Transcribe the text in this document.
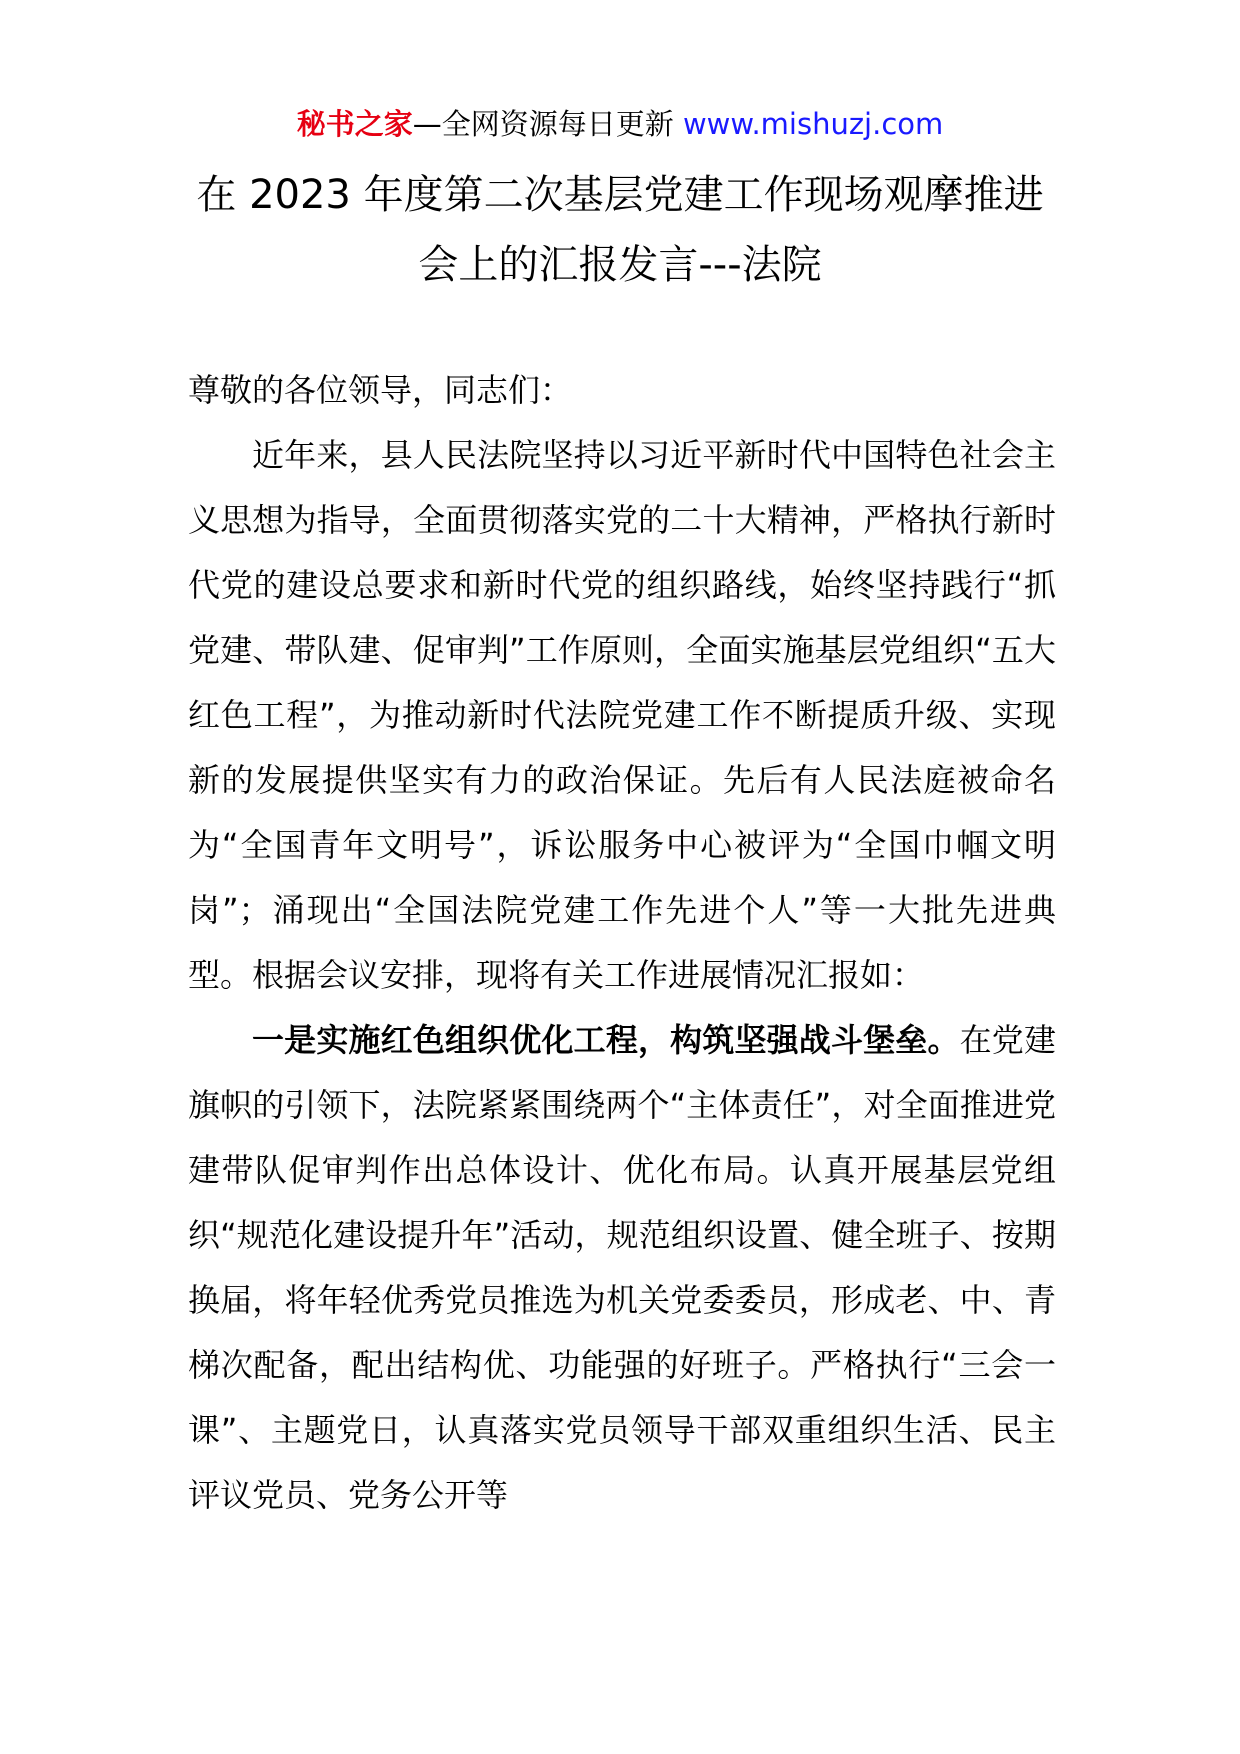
秘书之家—全网资源每日更新 www.mishuzj.com
在 2023 年度第二次基层党建工作现场观摩推进
会上的汇报发言---法院

尊敬的各位领导，同志们：

近年来，县人民法院坚持以习近平新时代中国特色社会主义思想为指导，全面贯彻落实党的二十大精神，严格执行新时代党的建设总要求和新时代党的组织路线，始终坚持践行“抓党建、带队建、促审判”工作原则，全面实施基层党组织“五大红色工程”，为推动新时代法院党建工作不断提质升级、实现新的发展提供坚实有力的政治保证。先后有人民法庭被命名为“全国青年文明号”，诉讼服务中心被评为“全国巾帼文明岗”；涌现出“全国法院党建工作先进个人”等一大批先进典型。根据会议安排，现将有关工作进展情况汇报如：

一是实施红色组织优化工程，构筑坚强战斗堡垒。在党建旗帜的引领下，法院紧紧围绕两个“主体责任”，对全面推进党建带队促审判作出总体设计、优化布局。认真开展基层党组织“规范化建设提升年”活动，规范组织设置、健全班子、按期换届，将年轻优秀党员推选为机关党委委员，形成老、中、青梯次配备，配出结构优、功能强的好班子。严格执行“三会一课”、主题党日，认真落实党员领导干部双重组织生活、民主评议党员、党务公开等
